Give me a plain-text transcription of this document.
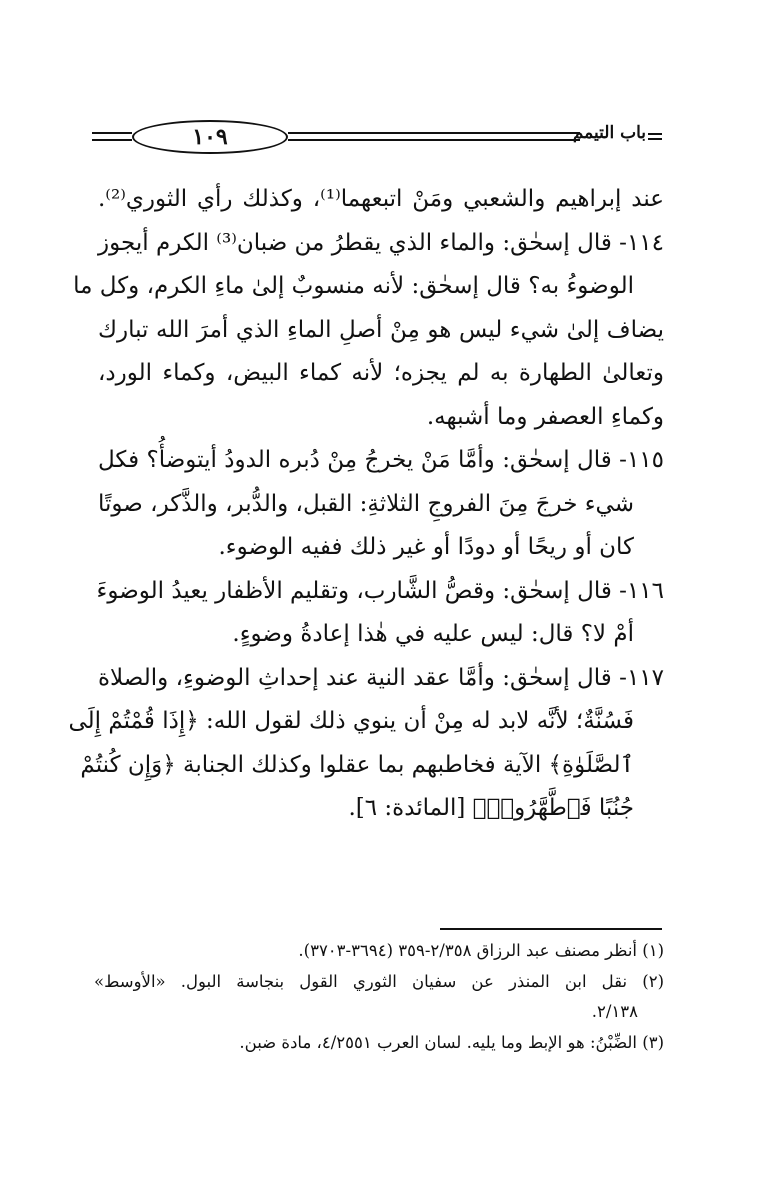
١٠٩	باب التيمم
عند إبراهيم والشعبي ومَنْ اتبعهما⁽¹⁾، وكذلك رأي الثوري⁽²⁾.
١١٤- قال إسحٰق: والماء الذي يقطرُ من ضبان⁽³⁾ الكرم أيجوز
الوضوءُ به؟ قال إسحٰق: لأنه منسوبٌ إلىٰ ماءِ الكرم، وكل ما
يضاف إلىٰ شيء ليس هو مِنْ أصلِ الماءِ الذي أمرَ الله تبارك
وتعالىٰ الطهارة به لم يجزه؛ لأنه كماء البيض، وكماء الورد،
وكماءِ العصفر وما أشبهه.
١١٥- قال إسحٰق: وأمَّا مَنْ يخرجُ مِنْ دُبره الدودُ أيتوضأُ؟ فكل
شيء خرجَ مِنَ الفروجِ الثلاثةِ: القبل، والدُّبر، والذَّكر، صوتًا
كان أو ريحًا أو دودًا أو غير ذلك ففيه الوضوء.
١١٦- قال إسحٰق: وقصُّ الشَّارب، وتقليم الأظفار يعيدُ الوضوءَ
أمْ لا؟ قال: ليس عليه في هٰذا إعادةُ وضوءٍ.
١١٧- قال إسحٰق: وأمَّا عقد النية عند إحداثِ الوضوءِ، والصلاة
فَسُنَّةٌ؛ لأنَّه لابد له مِنْ أن ينوي ذلك لقول الله: ﴿إِذَا قُمْتُمْ إِلَى
ٱلصَّلَوٰةِ﴾ الآية فخاطبهم بما عقلوا وكذلك الجنابة ﴿وَإِن كُنتُمْ
جُنُبًا فَٱطَّهَّرُوا۟﴾ [المائدة: ٦].
(١) أنظر مصنف عبد الرزاق ٢/٣٥٨-٣٥٩ (٣٦٩٤-٣٧٠٣).
(٢) نقل ابن المنذر عن سفيان الثوري القول بنجاسة البول. «الأوسط»
٢/١٣٨.
(٣) الضِّبْنُ: هو الإبط وما يليه. لسان العرب ٤/٢٥٥١، مادة ضبن.
